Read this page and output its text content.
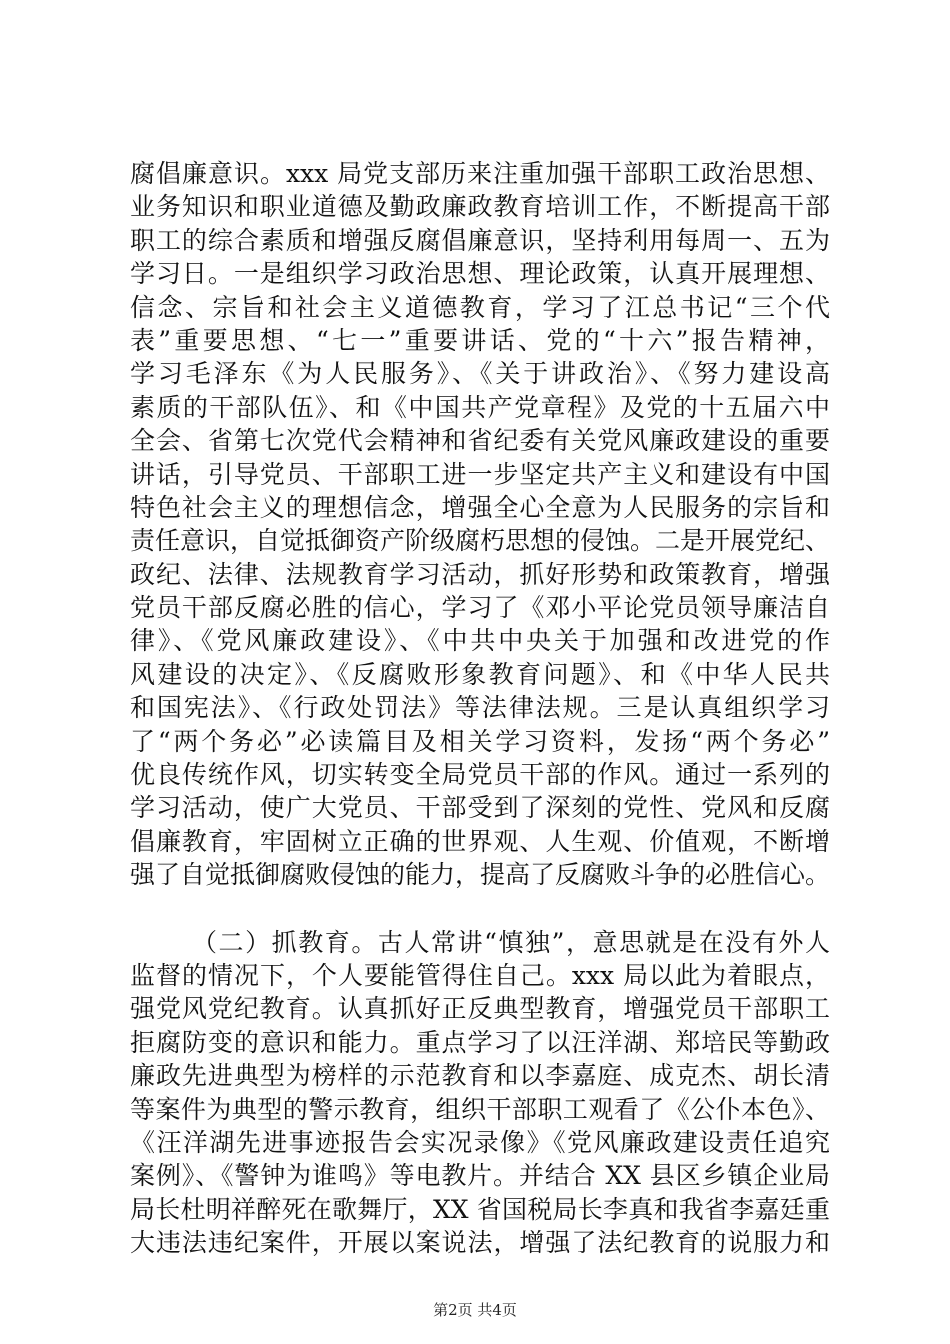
腐倡廉意识。xxx 局党支部历来注重加强干部职工政治思想、
业务知识和职业道德及勤政廉政教育培训工作，不断提高干部
职工的综合素质和增强反腐倡廉意识，坚持利用每周一、五为
学习日。一是组织学习政治思想、理论政策，认真开展理想、
信念、宗旨和社会主义道德教育，学习了江总书记“三个代
表”重要思想、“七一”重要讲话、党的“十六”报告精神，
学习毛泽东《为人民服务》、《关于讲政治》、《努力建设高
素质的干部队伍》、和《中国共产党章程》及党的十五届六中
全会、省第七次党代会精神和省纪委有关党风廉政建设的重要
讲话，引导党员、干部职工进一步坚定共产主义和建设有中国
特色社会主义的理想信念，增强全心全意为人民服务的宗旨和
责任意识，自觉抵御资产阶级腐朽思想的侵蚀。二是开展党纪、
政纪、法律、法规教育学习活动，抓好形势和政策教育，增强
党员干部反腐必胜的信心，学习了《邓小平论党员领导廉洁自
律》、《党风廉政建设》、《中共中央关于加强和改进党的作
风建设的决定》、《反腐败形象教育问题》、和《中华人民共
和国宪法》、《行政处罚法》等法律法规。三是认真组织学习
了“两个务必”必读篇目及相关学习资料，发扬“两个务必”
优良传统作风，切实转变全局党员干部的作风。通过一系列的
学习活动，使广大党员、干部受到了深刻的党性、党风和反腐
倡廉教育，牢固树立正确的世界观、人生观、价值观，不断增
强了自觉抵御腐败侵蚀的能力，提高了反腐败斗争的必胜信心。
（二）抓教育。古人常讲“慎独”，意思就是在没有外人
监督的情况下，个人要能管得住自己。xxx 局以此为着眼点，
强党风党纪教育。认真抓好正反典型教育，增强党员干部职工
拒腐防变的意识和能力。重点学习了以汪洋湖、郑培民等勤政
廉政先进典型为榜样的示范教育和以李嘉庭、成克杰、胡长清
等案件为典型的警示教育，组织干部职工观看了《公仆本色》、
《汪洋湖先进事迹报告会实况录像》《党风廉政建设责任追究
案例》、《警钟为谁鸣》等电教片。并结合 XX 县区乡镇企业局
局长杜明祥醉死在歌舞厅，XX 省国税局长李真和我省李嘉廷重
大违法违纪案件，开展以案说法，增强了法纪教育的说服力和
第2页 共4页
